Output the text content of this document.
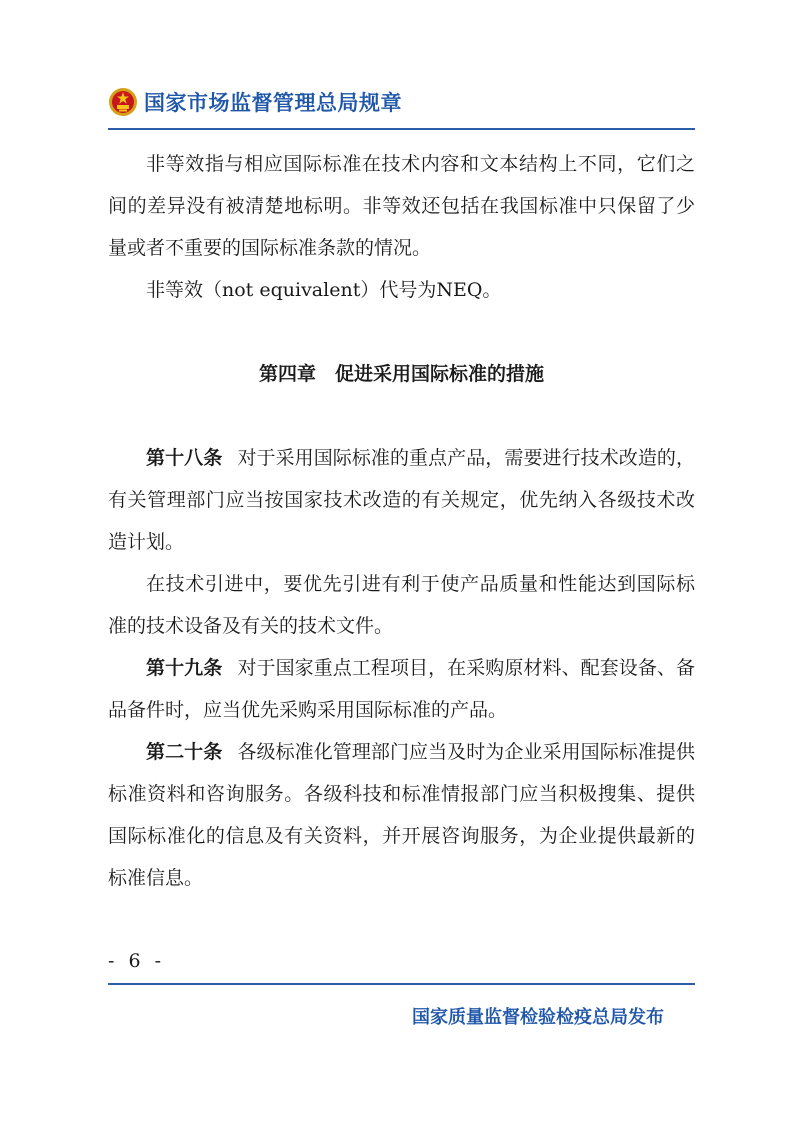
国家市场监督管理总局规章

非等效指与相应国际标准在技术内容和文本结构上不同，它们之间的差异没有被清楚地标明。非等效还包括在我国标准中只保留了少量或者不重要的国际标准条款的情况。

非等效（not equivalent）代号为NEQ。

第四章　促进采用国际标准的措施

第十八条 对于采用国际标准的重点产品，需要进行技术改造的，有关管理部门应当按国家技术改造的有关规定，优先纳入各级技术改造计划。

在技术引进中，要优先引进有利于使产品质量和性能达到国际标准的技术设备及有关的技术文件。

第十九条 对于国家重点工程项目，在采购原材料、配套设备、备品备件时，应当优先采购采用国际标准的产品。

第二十条 各级标准化管理部门应当及时为企业采用国际标准提供标准资料和咨询服务。各级科技和标准情报部门应当积极搜集、提供国际标准化的信息及有关资料，并开展咨询服务，为企业提供最新的标准信息。

- 6 -
国家质量监督检验检疫总局发布
